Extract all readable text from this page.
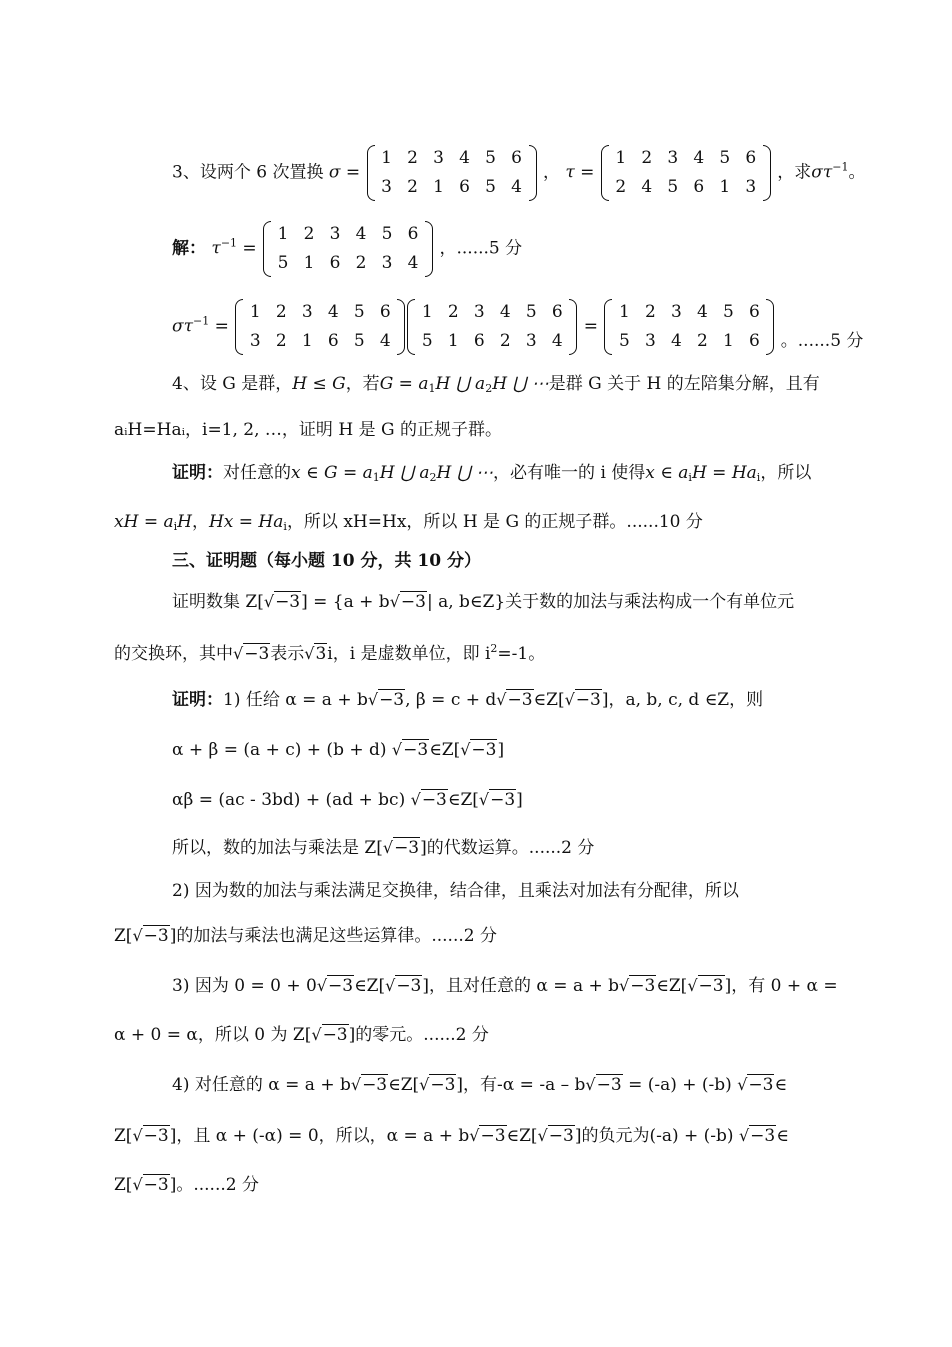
3、设两个 6 次置换 σ =
1 2 3 4 5 6
3 2 1 6 5 4
， τ =
1 2 3 4 5 6
2 4 5 6 1 3
，求$\sigma\tau^{-1}$。
解： $\tau^{-1}$ =
1 2 3 4 5 6
5 1 6 2 3 4
，......5 分
$\sigma\tau^{-1}$ =
1 2 3 4 5 6
3 2 1 6 5 4
1 2 3 4 5 6
5 1 6 2 3 4
=
1 2 3 4 5 6
5 3 4 2 1 6	。......5 分
4、设 G 是群，H ≤ G，若$G = a_1H$ ⋃ $a_2H$ ⋃ ⋯是群 G 关于 H 的左陪集分解，且有
aᵢH=Haᵢ，i=1, 2, …，证明 H 是 G 的正规子群。
证明：对任意的x ∈ $G = a_1H$ ⋃ $a_2H$ ⋃ ⋯，必有唯一的 i 使得x ∈ $a_iH = Ha_i$，所以
xH = $a_iH$，$Hx = Ha_i$，所以 xH=Hx，所以 H 是 G 的正规子群。......10 分
三、证明题（每小题 10 分，共 10 分）
证明数集 Z[√−3] = {a + b√−3| a, b∈Z}关于数的加法与乘法构成一个有单位元
的交换环，其中√−3表示√3i，i 是虚数单位，即 $i^2=-1$。
证明：1) 任给 α = a + b√−3, β = c + d√−3∈Z[√−3]，a, b, c, d ∈Z，则
α + β = (a + c) + (b + d) √−3∈Z[√−3]
αβ = (ac - 3bd) + (ad + bc) √−3∈Z[√−3]
所以，数的加法与乘法是 Z[√−3]的代数运算。......2 分
2) 因为数的加法与乘法满足交换律，结合律，且乘法对加法有分配律，所以
Z[√−3]的加法与乘法也满足这些运算律。......2 分
3) 因为 0 = 0 + 0√−3∈Z[√−3]，且对任意的 α = a + b√−3∈Z[√−3]，有 0 + α =
α + 0 = α，所以 0 为 Z[√−3]的零元。......2 分
4) 对任意的 α = a + b√−3∈Z[√−3]，有-α = -a – b√−3 = (-a) + (-b) √−3∈
Z[√−3]，且 α + (-α) = 0，所以，α = a + b√−3∈Z[√−3]的负元为(-a) + (-b) √−3∈
Z[√−3]。......2 分
